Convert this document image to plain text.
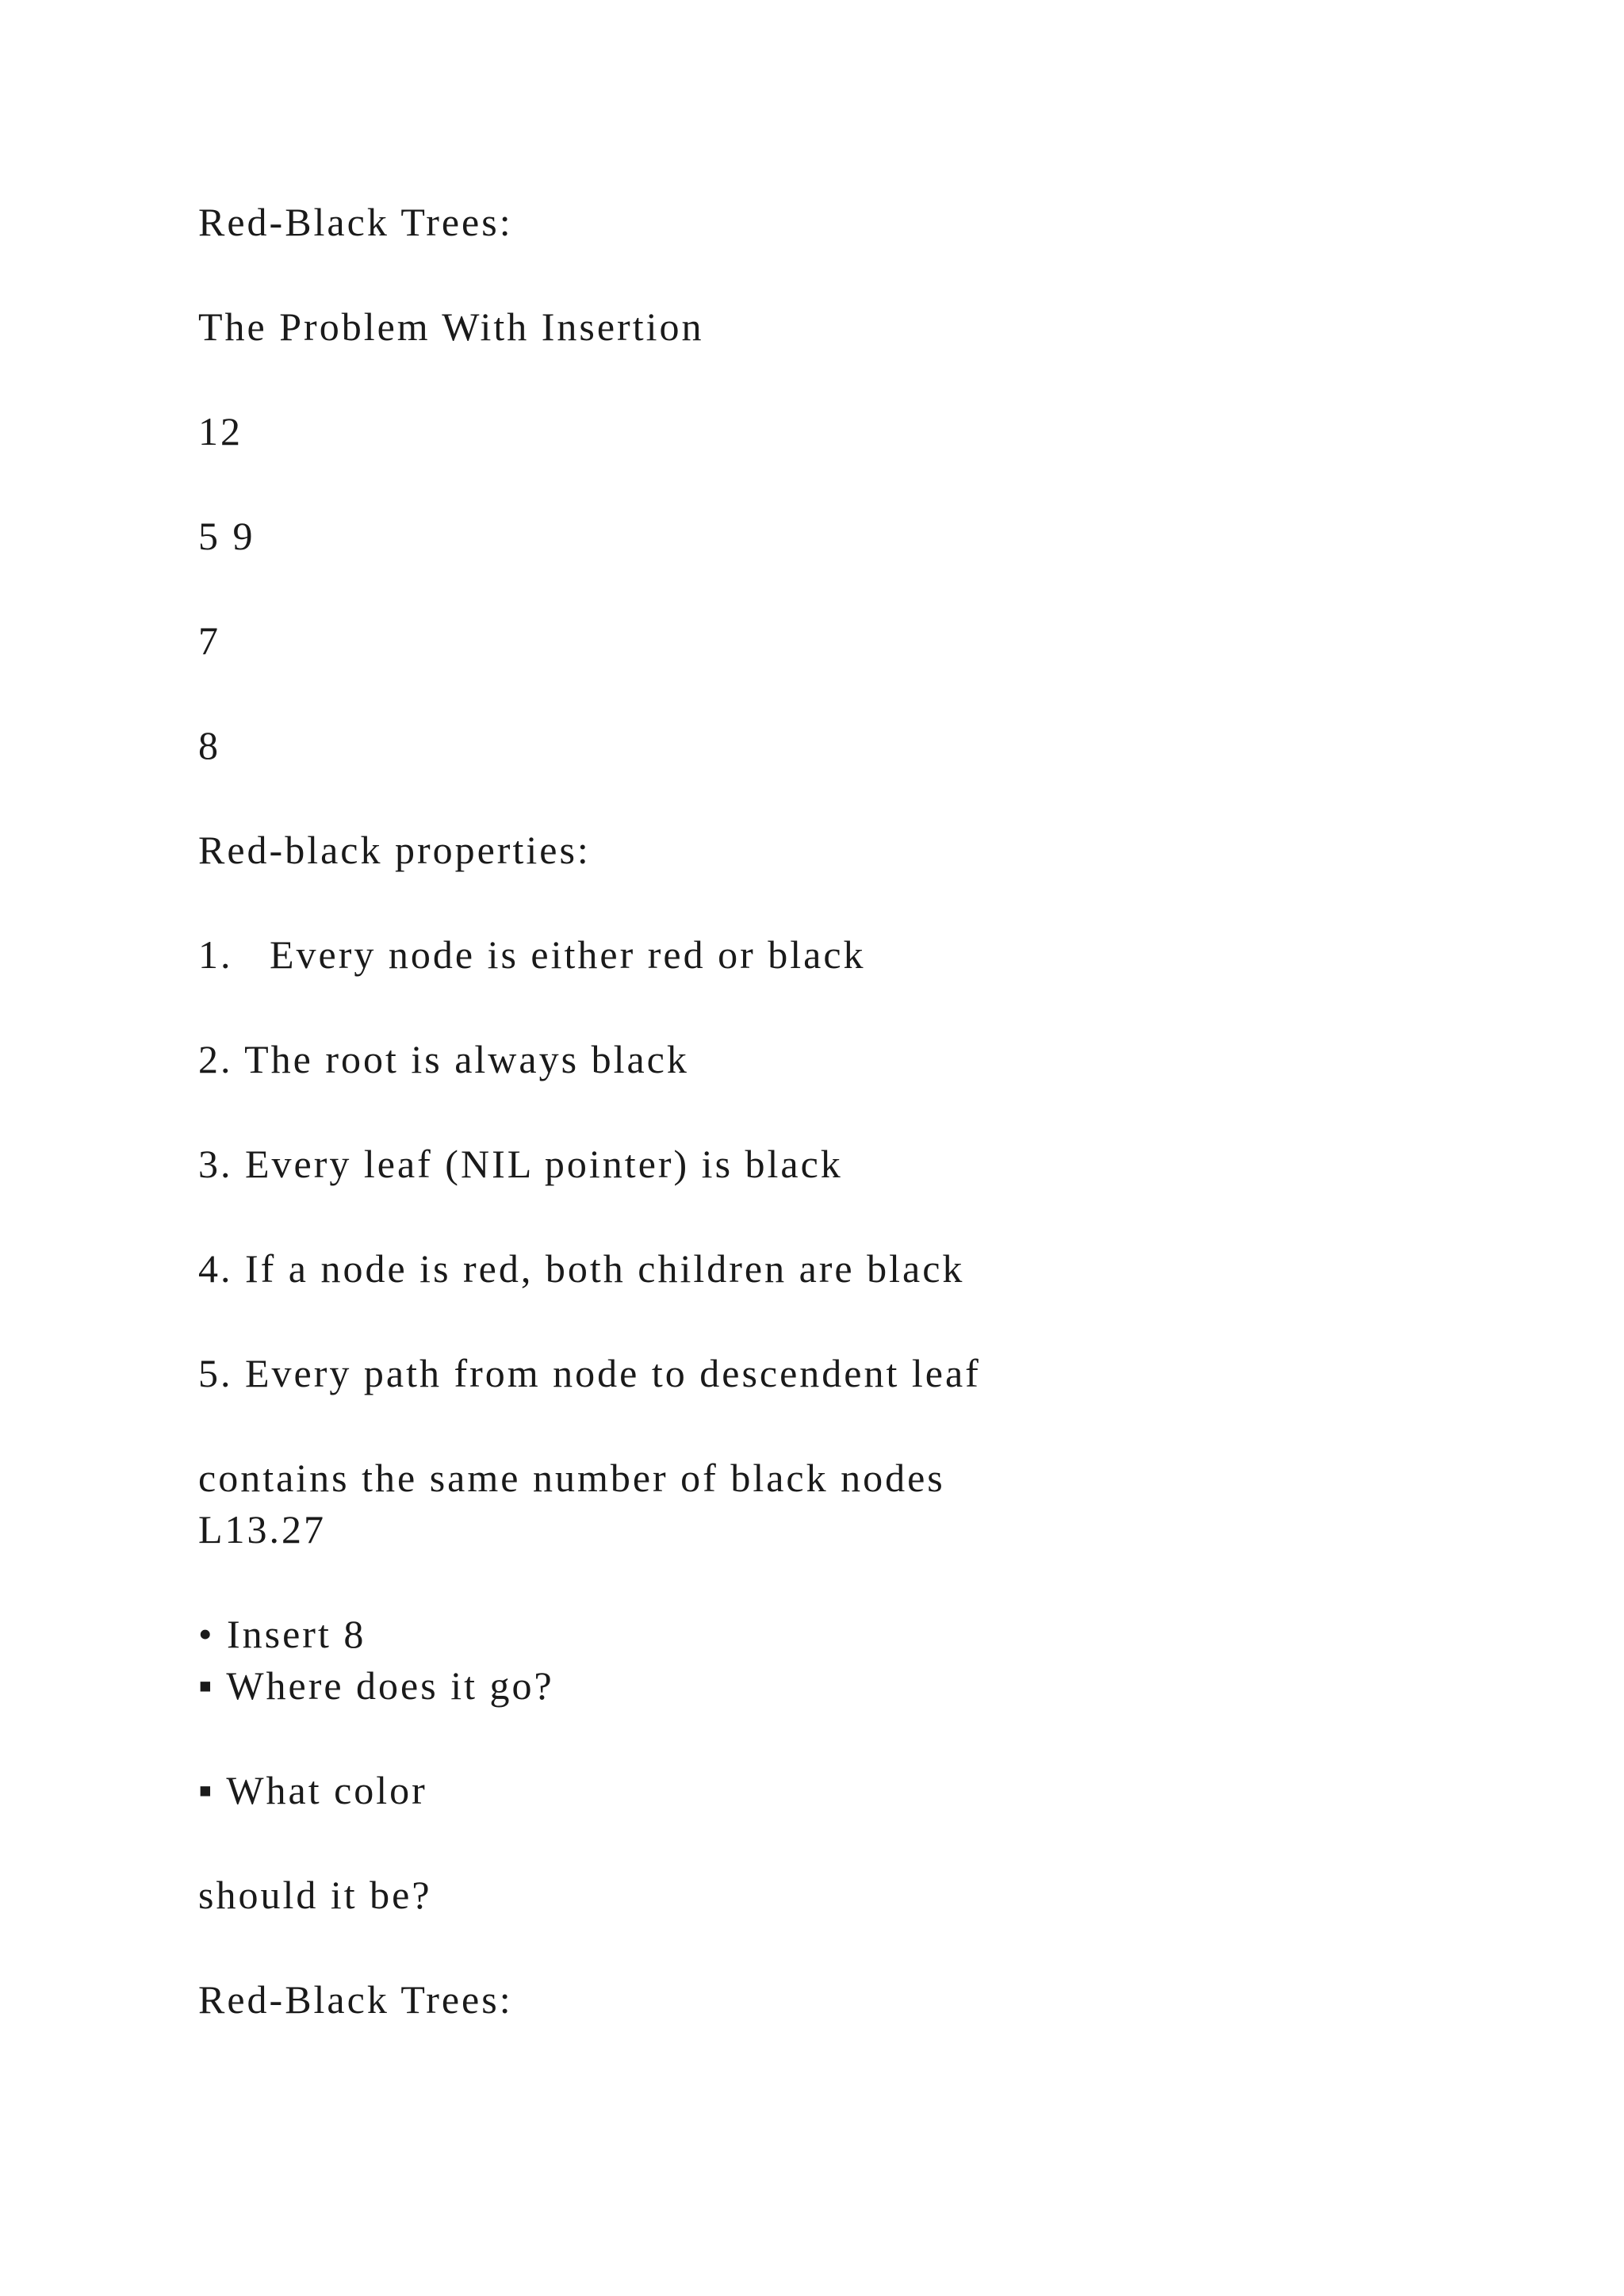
Red-Black Trees:
The Problem With Insertion
12
5 9
7
8
Red-black properties:
1.   Every node is either red or black
2. The root is always black
3. Every leaf (NIL pointer) is black
4. If a node is red, both children are black
5. Every path from node to descendent leaf
contains the same number of black nodes
L13.27
• Insert 8
▪ Where does it go?
▪ What color
should it be?
Red-Black Trees:
